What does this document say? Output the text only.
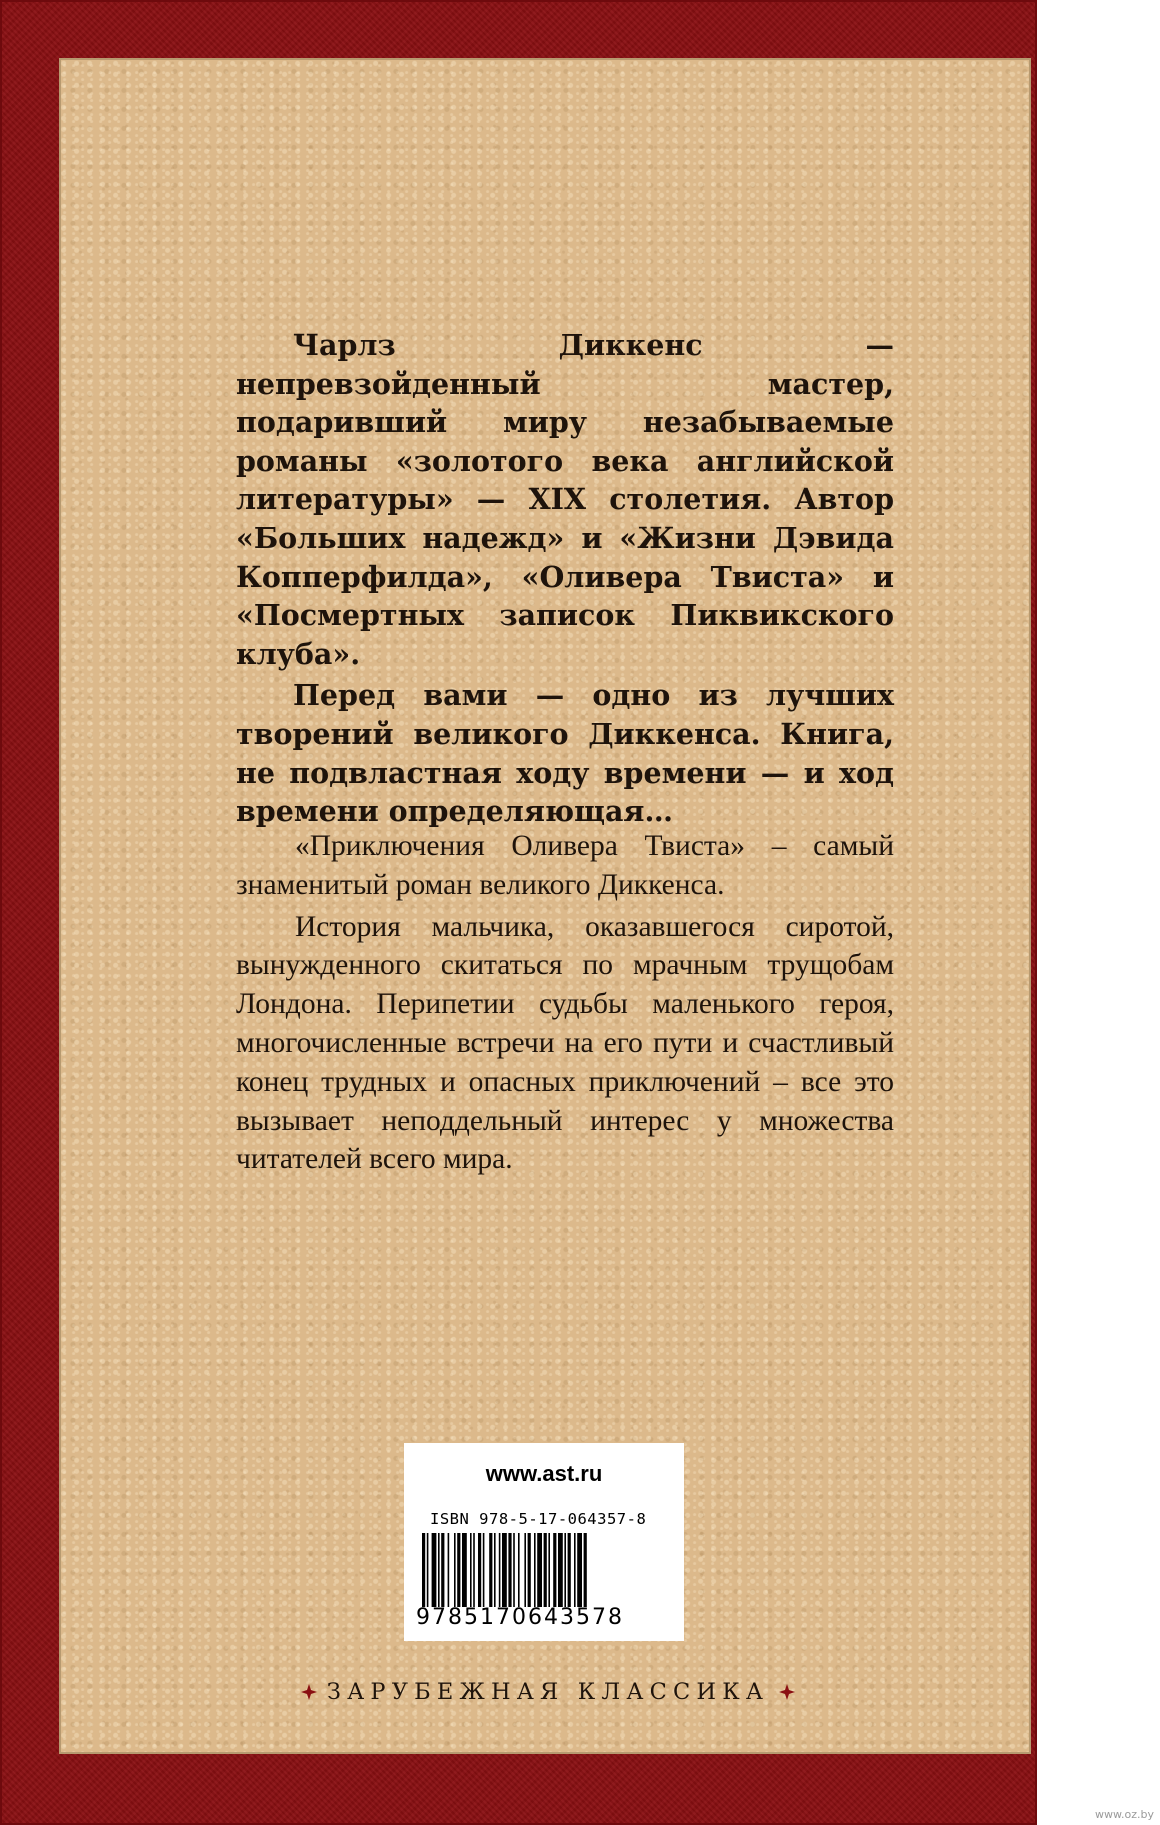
Чарлз Диккенс — непревзойденный мастер, подаривший миру незабываемые романы «золотого века английской литературы» — XIX столетия. Автор «Больших надежд» и «Жизни Дэвида Копперфилда», «Оливера Твиста» и «Посмертных записок Пиквикского клуба».

Перед вами — одно из лучших творений великого Диккенса. Книга, не подвластная ходу времени — и ход времени определяющая…

«Приключения Оливера Твиста» – самый знаменитый роман великого Диккенса.

История мальчика, оказавшегося сиротой, вынужденного скитаться по мрачным трущобам Лондона. Перипетии судьбы маленького героя, многочисленные встречи на его пути и счастливый конец трудных и опасных приключений – все это вызывает неподдельный интерес у множества читателей всего мира.

www.ast.ru
ISBN 978-5-17-064357-8
9785170643578
ЗАРУБЕЖНАЯ КЛАССИКА
www.oz.by
